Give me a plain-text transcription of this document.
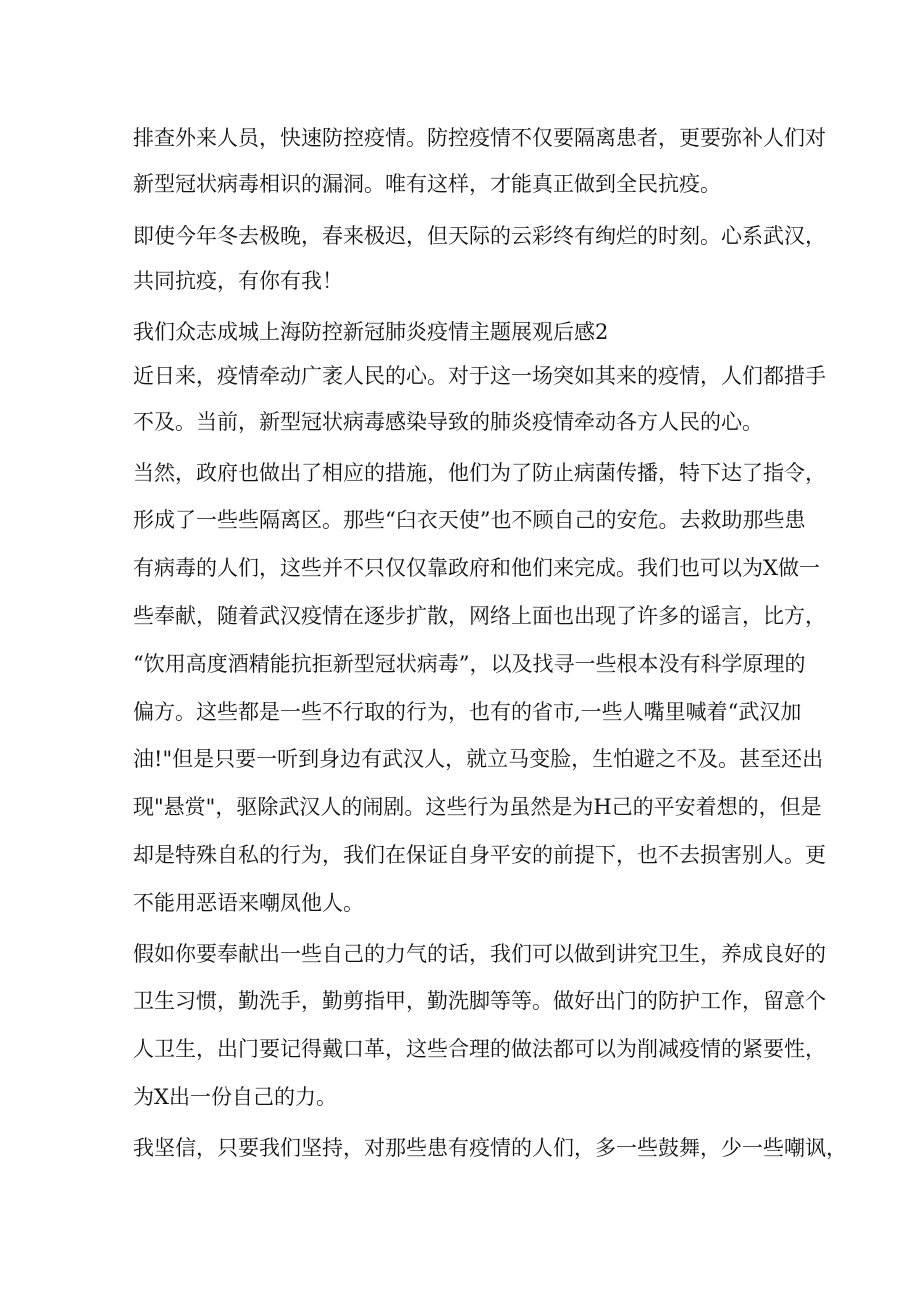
排查外来人员，快速防控疫情。防控疫情不仅要隔离患者，更要弥补人们对

新型冠状病毒相识的漏洞。唯有这样，才能真正做到全民抗疫。

即使今年冬去极晚，春来极迟，但天际的云彩终有绚烂的时刻。心系武汉，

共同抗疫，有你有我！

我们众志成城上海防控新冠肺炎疫情主题展观后感2

近日来，疫情牵动广袤人民的心。对于这一场突如其来的疫情，人们都措手

不及。当前，新型冠状病毒感染导致的肺炎疫情牵动各方人民的心。

当然，政府也做出了相应的措施，他们为了防止病菌传播，特下达了指令，

形成了一些些隔离区。那些“臼衣天使”也不顾自己的安危。去救助那些患

有病毒的人们，这些并不只仅仅靠政府和他们来完成。我们也可以为X做一

些奉献，随着武汉疫情在逐步扩散，网络上面也出现了许多的谣言，比方，

“饮用高度酒精能抗拒新型冠状病毒”，以及找寻一些根本没有科学原理的

偏方。这些都是一些不行取的行为，也有的省市,一些人嘴里喊着“武汉加

油!"但是只要一听到身边有武汉人，就立马变脸，生怕避之不及。甚至还出

现"悬赏"，驱除武汉人的闹剧。这些行为虽然是为H己的平安着想的，但是

却是特殊自私的行为，我们在保证自身平安的前提下，也不去损害别人。更

不能用恶语来嘲凤他人。

假如你要奉献出一些自己的力气的话，我们可以做到讲究卫生，养成良好的

卫生习惯，勤洗手，勤剪指甲，勤洗脚等等。做好出门的防护工作，留意个

人卫生，出门要记得戴口革，这些合理的做法都可以为削减疫情的紧要性，

为X出一份自己的力。

我坚信，只要我们坚持，对那些患有疫情的人们，多一些鼓舞，少一些嘲讽，
